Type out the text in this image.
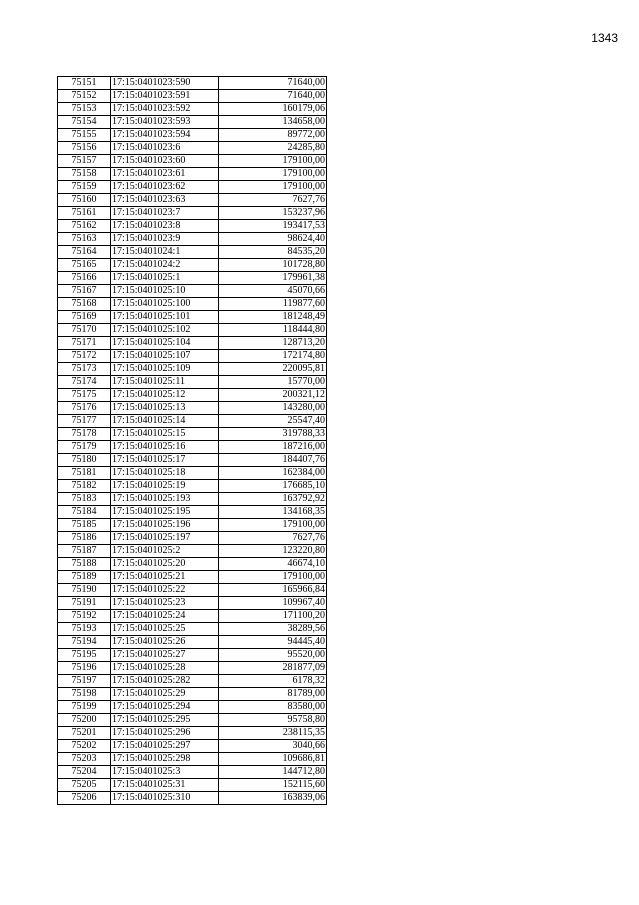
1343
75151	17:15:0401023:590	71640,00
75152	17:15:0401023:591	71640,00
75153	17:15:0401023:592	160179,06
75154	17:15:0401023:593	134658,00
75155	17:15:0401023:594	89772,00
75156	17:15:0401023:6	24285,80
75157	17:15:0401023:60	179100,00
75158	17:15:0401023:61	179100,00
75159	17:15:0401023:62	179100,00
75160	17:15:0401023:63	7627,76
75161	17:15:0401023:7	153237,96
75162	17:15:0401023:8	193417,53
75163	17:15:0401023:9	98624,40
75164	17:15:0401024:1	84535,20
75165	17:15:0401024:2	101728,80
75166	17:15:0401025:1	179961,38
75167	17:15:0401025:10	45070,66
75168	17:15:0401025:100	119877,60
75169	17:15:0401025:101	181248,49
75170	17:15:0401025:102	118444,80
75171	17:15:0401025:104	128713,20
75172	17:15:0401025:107	172174,80
75173	17:15:0401025:109	220095,81
75174	17:15:0401025:11	15770,00
75175	17:15:0401025:12	200321,12
75176	17:15:0401025:13	143280,00
75177	17:15:0401025:14	25547,40
75178	17:15:0401025:15	319788,33
75179	17:15:0401025:16	187216,00
75180	17:15:0401025:17	184407,76
75181	17:15:0401025:18	162384,00
75182	17:15:0401025:19	176685,10
75183	17:15:0401025:193	163792,92
75184	17:15:0401025:195	134168,35
75185	17:15:0401025:196	179100,00
75186	17:15:0401025:197	7627,76
75187	17:15:0401025:2	123220,80
75188	17:15:0401025:20	46674,10
75189	17:15:0401025:21	179100,00
75190	17:15:0401025:22	165966,84
75191	17:15:0401025:23	109967,40
75192	17:15:0401025:24	171100,20
75193	17:15:0401025:25	38289,56
75194	17:15:0401025:26	94445,40
75195	17:15:0401025:27	95520,00
75196	17:15:0401025:28	281877,09
75197	17:15:0401025:282	6178,32
75198	17:15:0401025:29	81789,00
75199	17:15:0401025:294	83580,00
75200	17:15:0401025:295	95758,80
75201	17:15:0401025:296	238115,35
75202	17:15:0401025:297	3040,66
75203	17:15:0401025:298	109686,81
75204	17:15:0401025:3	144712,80
75205	17:15:0401025:31	152115,60
75206	17:15:0401025:310	163839,06
